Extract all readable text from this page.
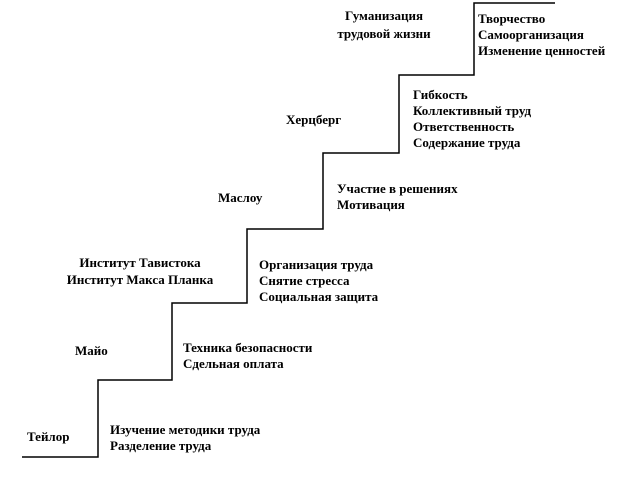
Тейлор
Майо
Институт Тавистока
Институт Макса Планка
Маслоу
Херцберг
Гуманизация
трудовой жизни
Изучение методики труда
Разделение труда
Техника безопасности
Сдельная оплата
Организация труда
Снятие стресса
Социальная защита
Участие в решениях
Мотивация
Гибкость
Коллективный труд
Ответственность
Содержание труда
Творчество
Самоорганизация
Изменение ценностей
